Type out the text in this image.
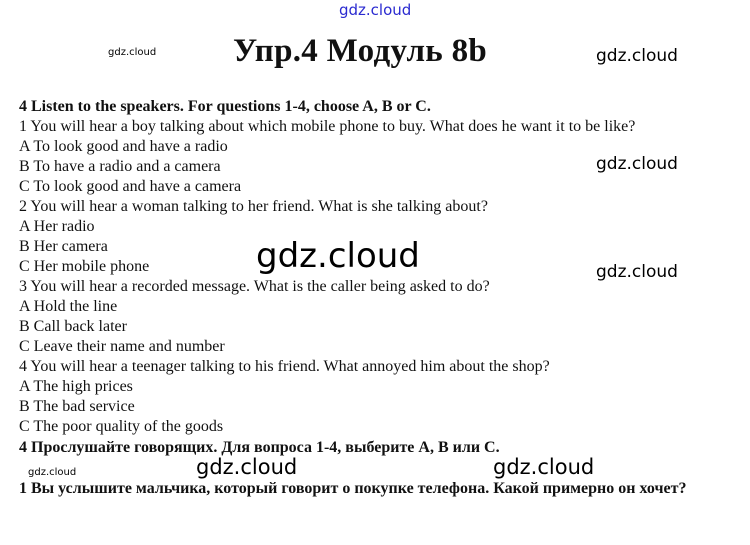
gdz.cloud
gdz.cloud	gdz.cloud
gdz.cloud
gdz.cloud	gdz.cloud
gdz.cloud	gdz.cloud	gdz.cloud
Упр.4 Модуль 8b
4 Listen to the speakers. For questions 1-4, choose A, B or C.
1 You will hear a boy talking about which mobile phone to buy. What does he want it to be like?
A To look good and have a radio
B To have a radio and a camera
C To look good and have a camera
2 You will hear a woman talking to her friend. What is she talking about?
A Her radio
B Her camera
C Her mobile phone
3 You will hear a recorded message. What is the caller being asked to do?
A Hold the line
B Call back later
C Leave their name and number
4 You will hear a teenager talking to his friend. What annoyed him about the shop?
A The high prices
B The bad service
C The poor quality of the goods
4 Прослушайте говорящих. Для вопроса 1-4, выберите А, В или С.
1 Вы услышите мальчика, который говорит о покупке телефона. Какой примерно он хочет?
